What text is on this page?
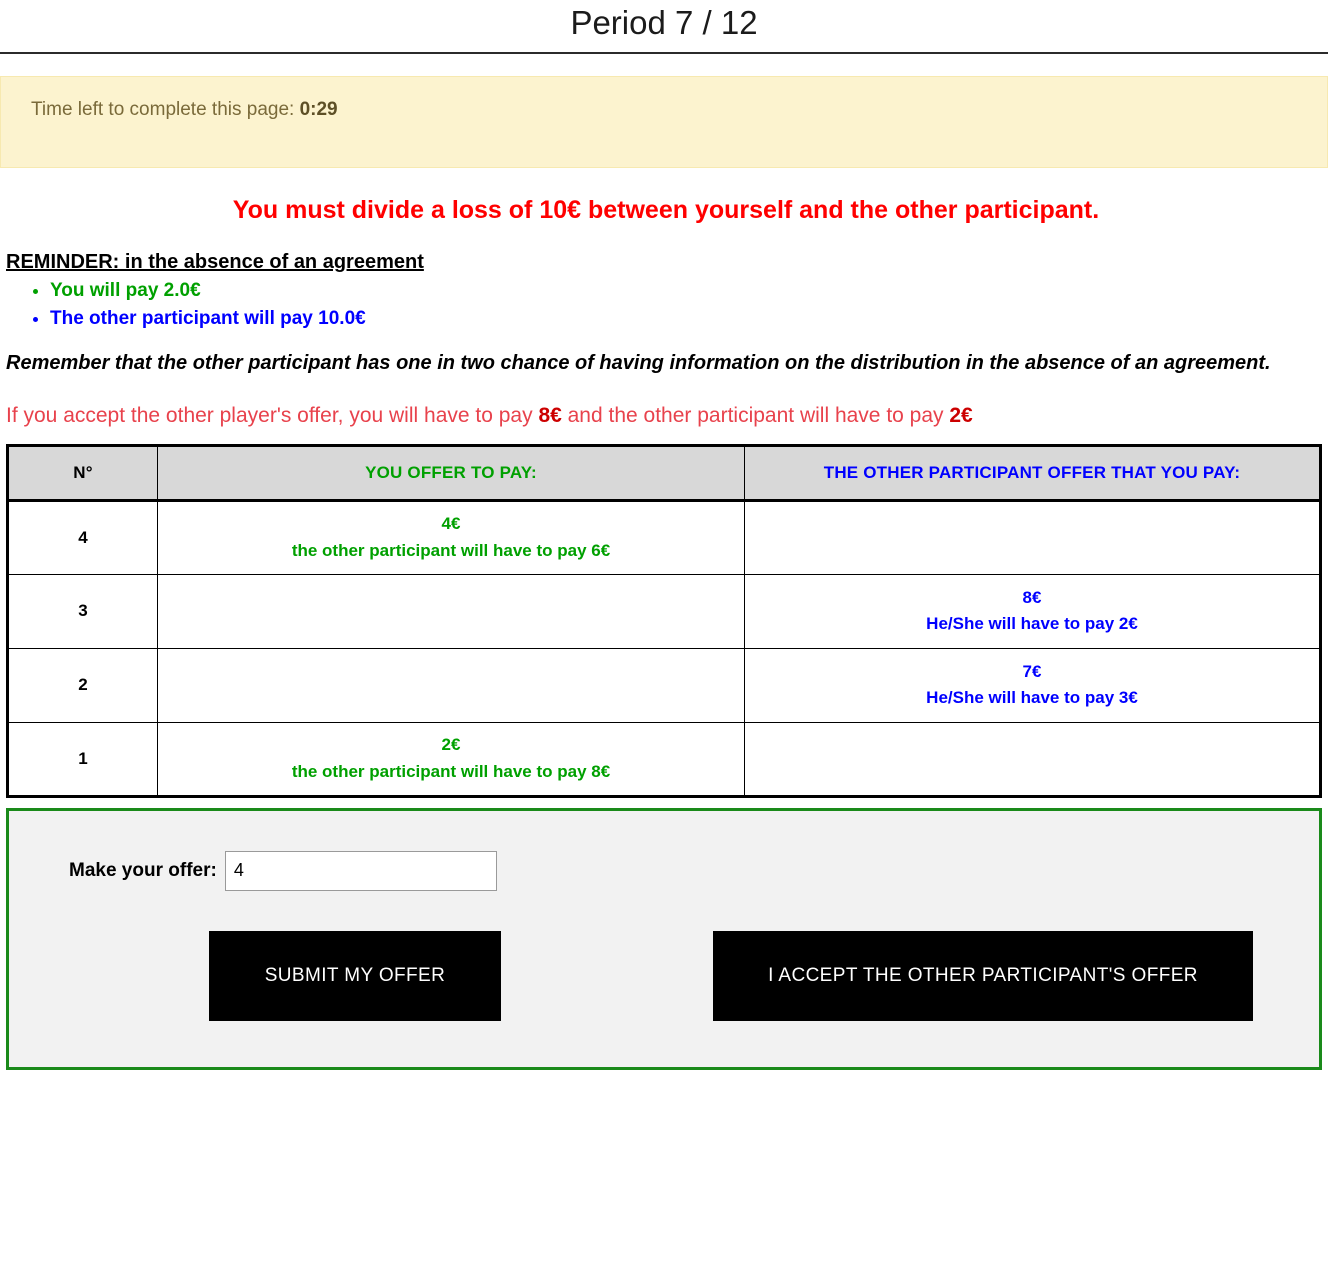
Period 7 / 12
Time left to complete this page: 0:29
You must divide a loss of 10€ between yourself and the other participant.
REMINDER: in the absence of an agreement
• You will pay 2.0€
• The other participant will pay 10.0€
Remember that the other participant has one in two chance of having information on the distribution in the absence of an agreement.
If you accept the other player's offer, you will have to pay 8€ and the other participant will have to pay 2€
N°	YOU OFFER TO PAY:	THE OTHER PARTICIPANT OFFER THAT YOU PAY:
4	4€
the other participant will have to pay 6€	

3		8€
He/She will have to pay 2€

2		7€
He/She will have to pay 3€

1	2€
the other participant will have to pay 8€	

Make your offer:
4
SUBMIT MY OFFER	I ACCEPT THE OTHER PARTICIPANT'S OFFER
